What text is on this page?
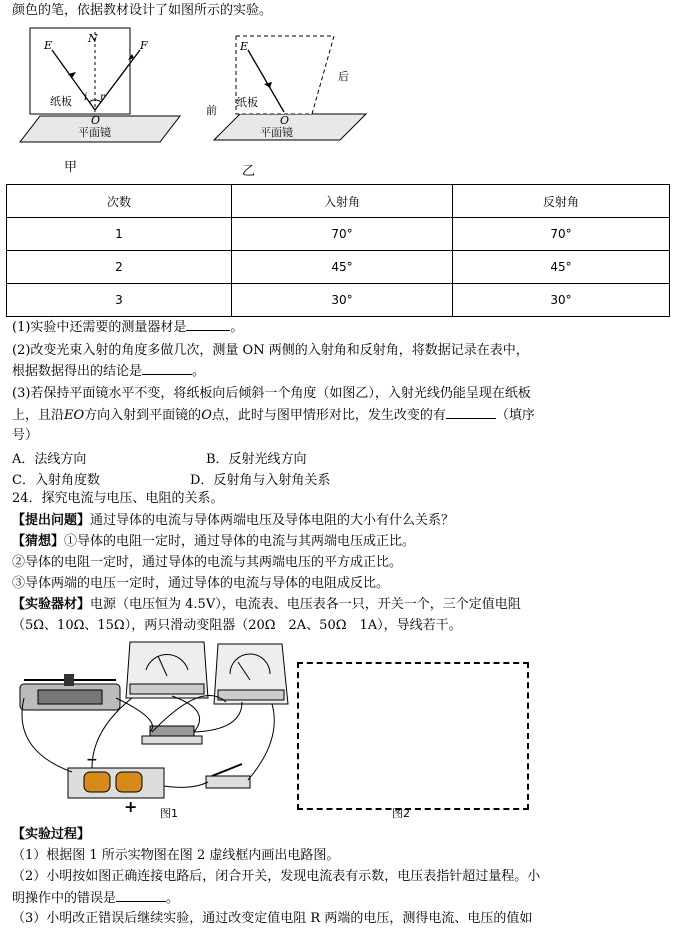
颜色的笔，依据教材设计了如图所示的实验。
E
N
F
i r
O
纸板
平面镜
甲
E
O
前
后
纸板
平面镜
乙
次数	入射角	反射角
1	70°	70°
2	45°	45°
3	30°	30°
(1)实验中还需要的测量器材是	。
(2)改变光束入射的角度多做几次，测量 ON 两侧的入射角和反射角，将数据记录在表中，
根据数据得出的结论是	。
(3)若保持平面镜水平不变，将纸板向后倾斜一个角度（如图乙），入射光线仍能呈现在纸板
上，且沿EO方向入射到平面镜的O点，此时与图甲情形对比，发生改变的有	（填序
号）
A．法线方向	B．反射光线方向
C．入射角度数	D．反射角与入射角关系
24．探究电流与电压、电阻的关系。
【提出问题】通过导体的电流与导体两端电压及导体电阻的大小有什么关系？
【猜想】①导体的电阻一定时，通过导体的电流与其两端电压成正比。
②导体的电阻一定时，通过导体的电流与其两端电压的平方成正比。
③导体两端的电压一定时，通过导体的电流与导体的电阻成反比。
【实验器材】电源（电压恒为 4.5V），电流表、电压表各一只，开关一个，三个定值电阻
（5Ω、10Ω、15Ω），两只滑动变阻器（20Ω　2A、50Ω　1A），导线若干。
−
+ 图1	图2
【实验过程】
（1）根据图 1 所示实物图在图 2 虚线框内画出电路图。
（2）小明按如图正确连接电路后，闭合开关，发现电流表有示数，电压表指针超过量程。小
明操作中的错误是	。
（3）小明改正错误后继续实验，通过改变定值电阻 R 两端的电压，测得电流、电压的值如
